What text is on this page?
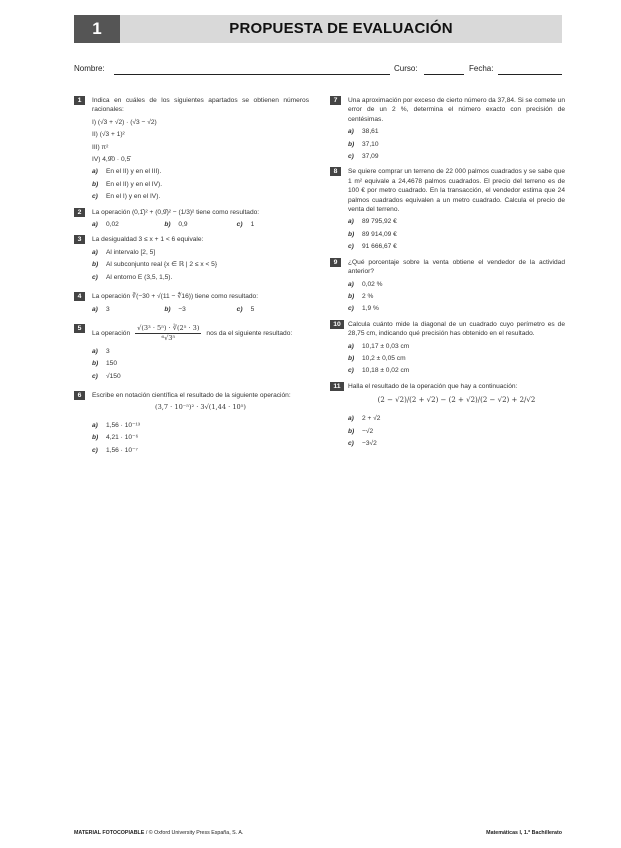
1	PROPUESTA DE EVALUACIÓN
Nombre:	Curso:	Fecha:
1	Indica en cuáles de los siguientes apartados se obtienen números racionales:
I) (√3 + √2) · (√3 − √2)
II) (√3 + 1)²
III) π²
IV) 4,9̂0 · 0,5̂
a) En el II) y en el III).
b) En el II) y en el IV).
c) En el I) y en el IV).
2	La operación (0,1̂)² + (0,9̂)² − (1/3)² tiene como resultado:
a) 0,02	b) 0,9	c) 1
3	La desigualdad 3 ≤ x + 1 < 6 equivale:
a) Al intervalo [2, 5]
b) Al subconjunto real {x ∈ ℝ | 2 ≤ x < 5}
c) Al entorno E (3,5, 1,5).
4	La operación ∛(−30 + √(11 − ∜16)) tiene como resultado:
a) 3	b) −3	c) 5
5
La operación
√(3³ · 5⁵) · ∛(2⁵ · 3)
⁶√3⁵
nos da el siguiente resultado:
a) 3
b) 150
c) √150
6	Escribe en notación científica el resultado de la siguiente operación:
(3,7 · 10⁻⁵)² · 3√(1,44 · 10⁵)
a) 1,56 · 10⁻¹³
b) 4,21 · 10⁻⁶
c) 1,56 · 10⁻⁷
7	Una aproximación por exceso de cierto número da 37,84. Si se comete un error de un 2 %, determina el número exacto con precisión de centésimas.
a) 38,61
b) 37,10
c) 37,09
8	Se quiere comprar un terreno de 22 000 palmos cuadrados y se sabe que 1 m² equivale a 24,4678 palmos cuadrados. El precio del terreno es de 100 € por metro cuadrado. En la transacción, el vendedor estima que 24 palmos cuadrados equivalen a un metro cuadrado. Calcula el precio de venta del terreno.
a) 89 795,92 €
b) 89 914,09 €
c) 91 666,67 €
9	¿Qué porcentaje sobre la venta obtiene el vendedor de la actividad anterior?
a) 0,02 %
b) 2 %
c) 1,9 %
10	Calcula cuánto mide la diagonal de un cuadrado cuyo perímetro es de 28,75 cm, indicando qué precisión has obtenido en el resultado.
a) 10,17 ± 0,03 cm
b) 10,2 ± 0,05 cm
c) 10,18 ± 0,02 cm
11	Halla el resultado de la operación que hay a continuación:
(2 − √2)/(2 + √2) − (2 + √2)/(2 − √2) + 2/√2
a) 2 + √2
b) −√2
c) −3√2
MATERIAL FOTOCOPIABLE / © Oxford University Press España, S. A.	Matemáticas I, 1.º Bachillerato
